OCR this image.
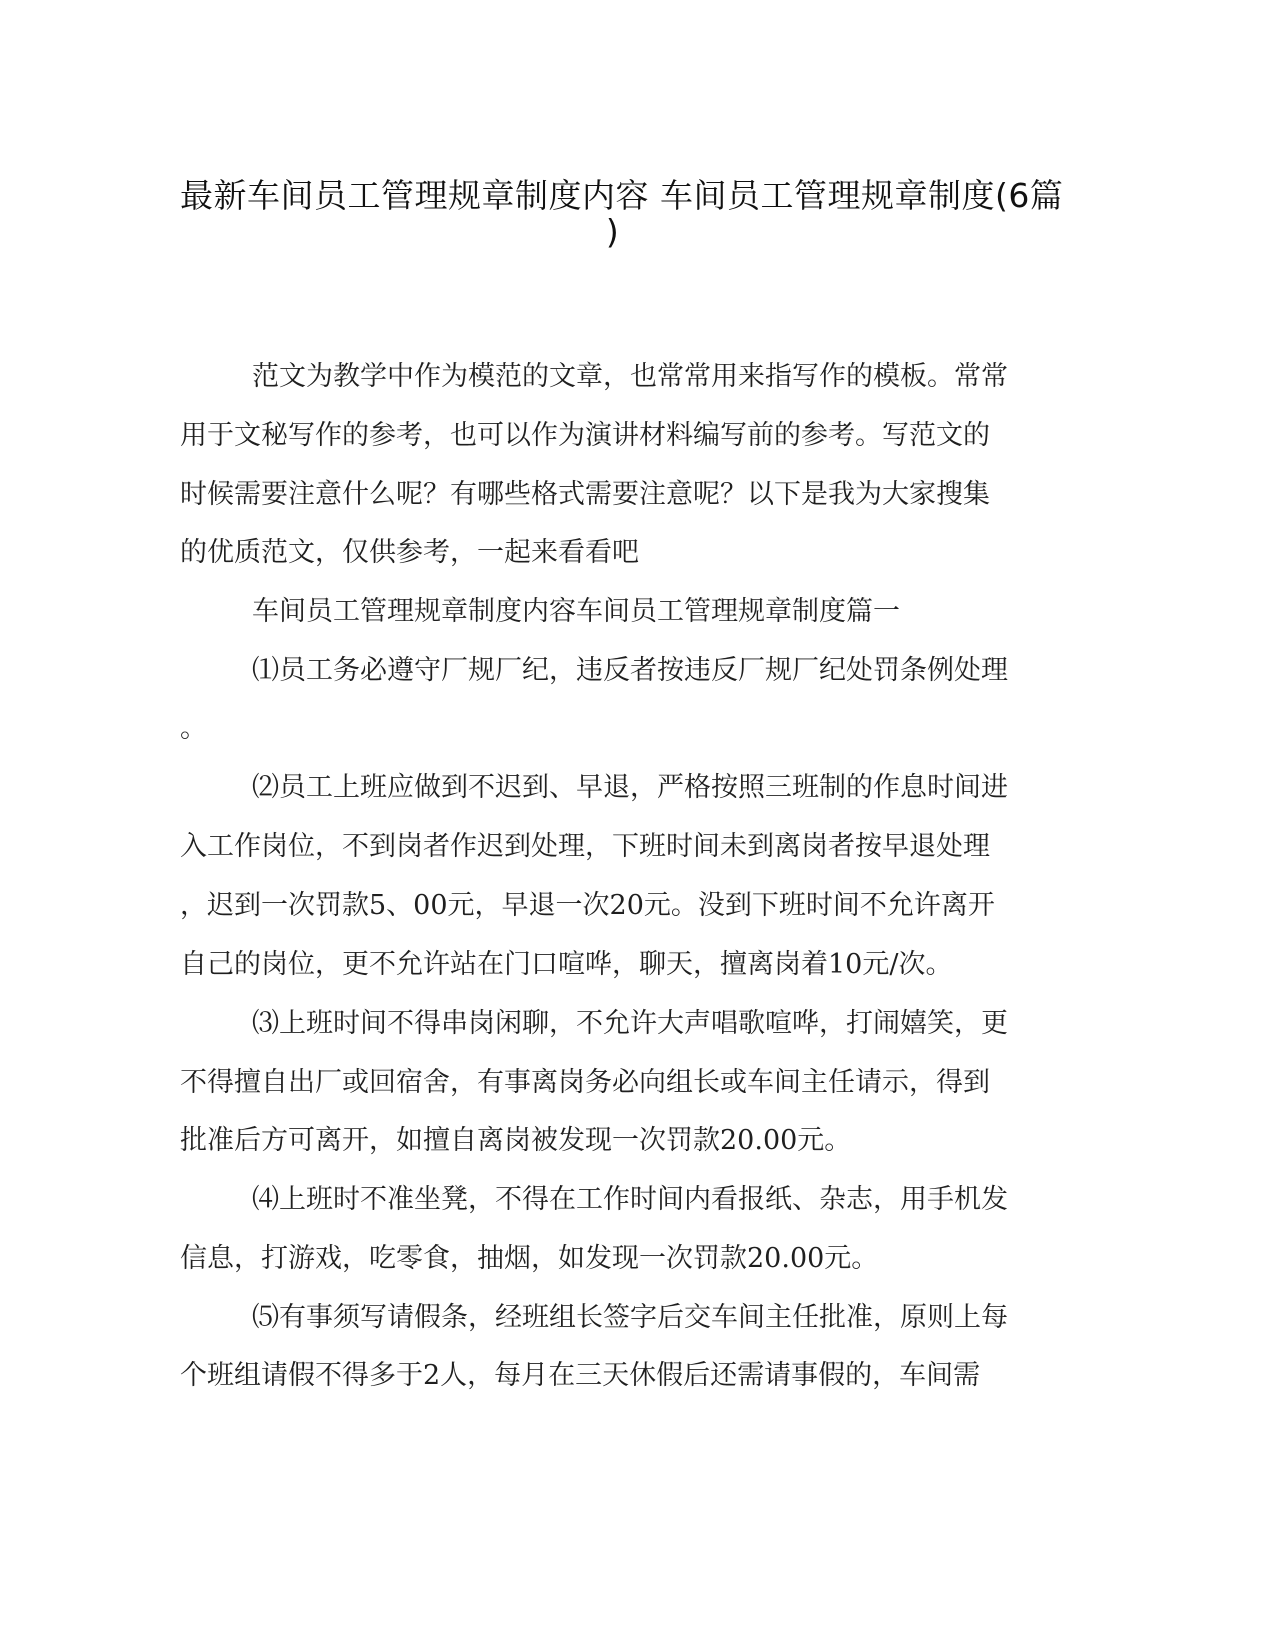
最新车间员工管理规章制度内容 车间员工管理规章制度(6篇
)
范文为教学中作为模范的文章，也常常用来指写作的模板。常常
用于文秘写作的参考，也可以作为演讲材料编写前的参考。写范文的
时候需要注意什么呢？有哪些格式需要注意呢？以下是我为大家搜集
的优质范文，仅供参考，一起来看看吧
车间员工管理规章制度内容车间员工管理规章制度篇一
⑴员工务必遵守厂规厂纪，违反者按违反厂规厂纪处罚条例处理
。
⑵员工上班应做到不迟到、早退，严格按照三班制的作息时间进
入工作岗位，不到岗者作迟到处理，下班时间未到离岗者按早退处理
，迟到一次罚款5、00元，早退一次20元。没到下班时间不允许离开
自己的岗位，更不允许站在门口喧哗，聊天，擅离岗着10元/次。
⑶上班时间不得串岗闲聊，不允许大声唱歌喧哗，打闹嬉笑，更
不得擅自出厂或回宿舍，有事离岗务必向组长或车间主任请示，得到
批准后方可离开，如擅自离岗被发现一次罚款20.00元。
⑷上班时不准坐凳，不得在工作时间内看报纸、杂志，用手机发
信息，打游戏，吃零食，抽烟，如发现一次罚款20.00元。
⑸有事须写请假条，经班组长签字后交车间主任批准，原则上每
个班组请假不得多于2人，每月在三天休假后还需请事假的，车间需
